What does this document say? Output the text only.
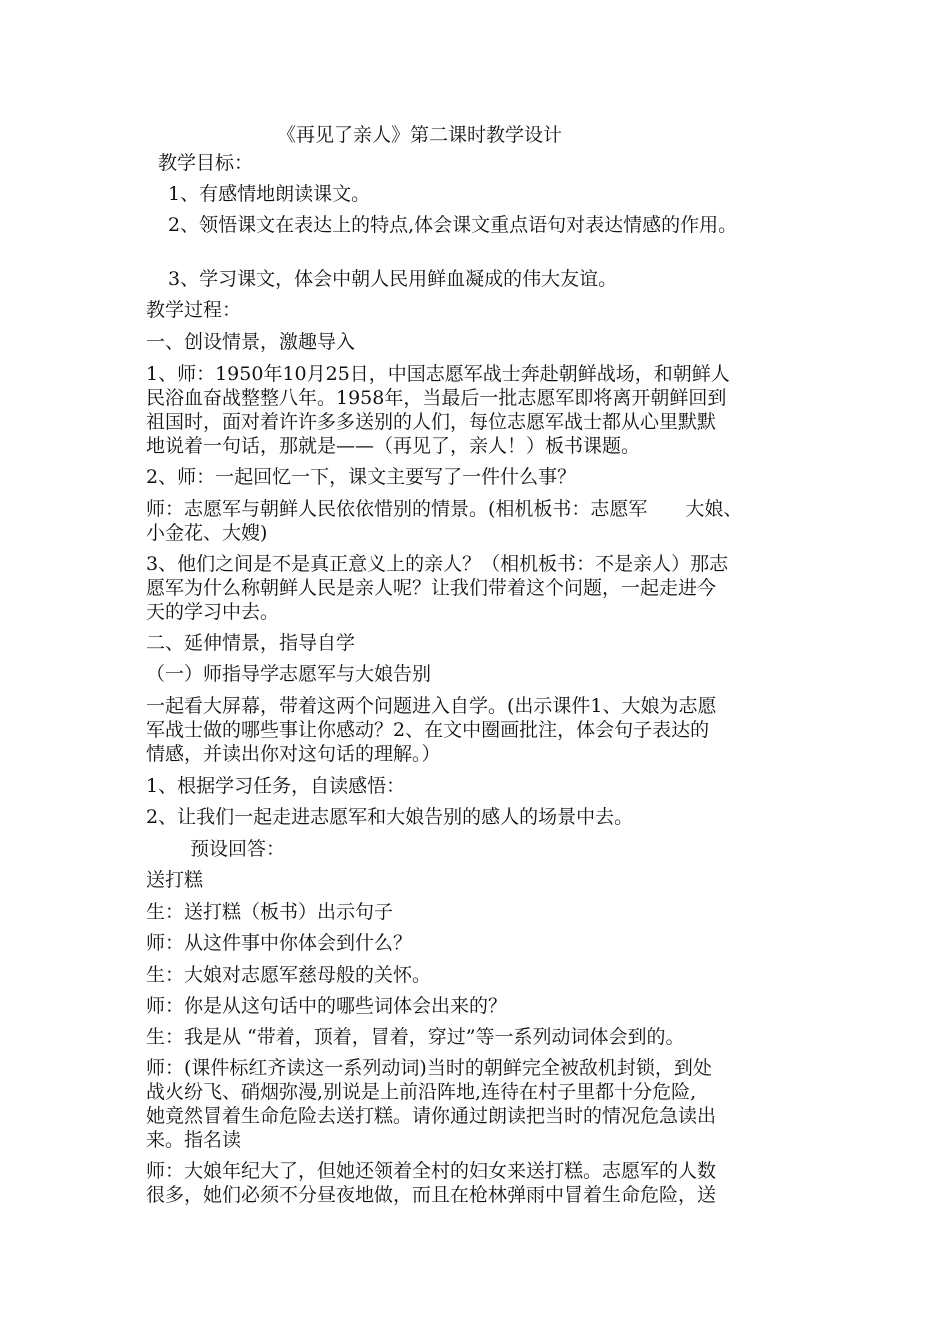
《再见了亲人》第二课时教学设计

教学目标：

1、有感情地朗读课文。

2、领悟课文在表达上的特点,体会课文重点语句对表达情感的作用。

3、学习课文，体会中朝人民用鲜血凝成的伟大友谊。

教学过程：

一、创设情景，激趣导入

1、师：1950年10月25日，中国志愿军战士奔赴朝鲜战场，和朝鲜人

民浴血奋战整整八年。1958年，当最后一批志愿军即将离开朝鲜回到

祖国时，面对着许许多多送别的人们，每位志愿军战士都从心里默默

地说着一句话，那就是——（再见了，亲人！）板书课题。

2、师：一起回忆一下，课文主要写了一件什么事？

师：志愿军与朝鲜人民依依惜别的情景。(相机板书：志愿军　　大娘、

小金花、大嫂)

3、他们之间是不是真正意义上的亲人？（相机板书：不是亲人）那志

愿军为什么称朝鲜人民是亲人呢？让我们带着这个问题，一起走进今

天的学习中去。

二、延伸情景，指导自学

（一）师指导学志愿军与大娘告别

一起看大屏幕，带着这两个问题进入自学。(出示课件1、大娘为志愿

军战士做的哪些事让你感动？2、在文中圈画批注，体会句子表达的

情感，并读出你对这句话的理解。）

1、根据学习任务，自读感悟：

2、让我们一起走进志愿军和大娘告别的感人的场景中去。

预设回答：

送打糕

生：送打糕（板书）出示句子

师：从这件事中你体会到什么？

生：大娘对志愿军慈母般的关怀。

师：你是从这句话中的哪些词体会出来的？

生：我是从 “带着，顶着，冒着，穿过”等一系列动词体会到的。

师：(课件标红齐读这一系列动词)当时的朝鲜完全被敌机封锁，到处

战火纷飞、硝烟弥漫,别说是上前沿阵地,连待在村子里都十分危险,

她竟然冒着生命危险去送打糕。请你通过朗读把当时的情况危急读出

来。指名读

师：大娘年纪大了，但她还领着全村的妇女来送打糕。志愿军的人数

很多，她们必须不分昼夜地做，而且在枪林弹雨中冒着生命危险，送
